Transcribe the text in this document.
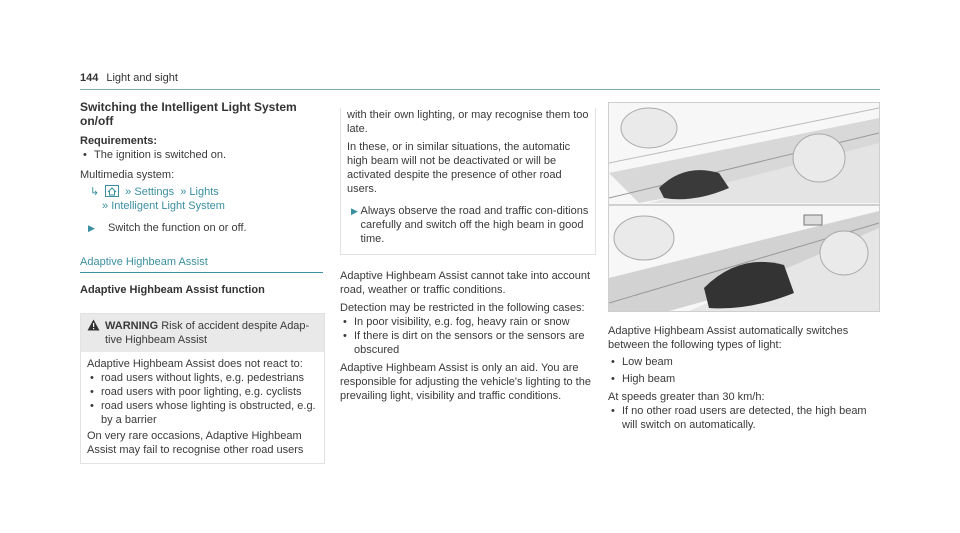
144 Light and sight
Switching the Intelligent Light System on/off
Requirements:
• The ignition is switched on.

Multimedia system:

↳   » Settings  » Lights
» Intelligent Light System
▶	Switch the function on or off.
Adaptive Highbeam Assist
Adaptive Highbeam Assist function
WARNING Risk of accident despite Adap-tive Highbeam Assist

Adaptive Highbeam Assist does not react to:

• road users without lights, e.g. pedestrians
• road users with poor lighting, e.g. cyclists
• road users whose lighting is obstructed, e.g. by a barrier

On very rare occasions, Adaptive Highbeam Assist may fail to recognise other road users

with their own lighting, or may recognise them too late.

In these, or in similar situations, the automatic high beam will not be deactivated or will be activated despite the presence of other road users.

▶ Always observe the road and traffic con-ditions carefully and switch off the high beam in good time.

Adaptive Highbeam Assist cannot take into account road, weather or traffic conditions.

Detection may be restricted in the following cases:

• In poor visibility, e.g. fog, heavy rain or snow
• If there is dirt on the sensors or the sensors are obscured

Adaptive Highbeam Assist is only an aid. You are responsible for adjusting the vehicle's lighting to the prevailing light, visibility and traffic conditions.

Adaptive Highbeam Assist automatically switches between the following types of light:

• Low beam
• High beam

At speeds greater than 30 km/h:

• If no other road users are detected, the high beam will switch on automatically.
